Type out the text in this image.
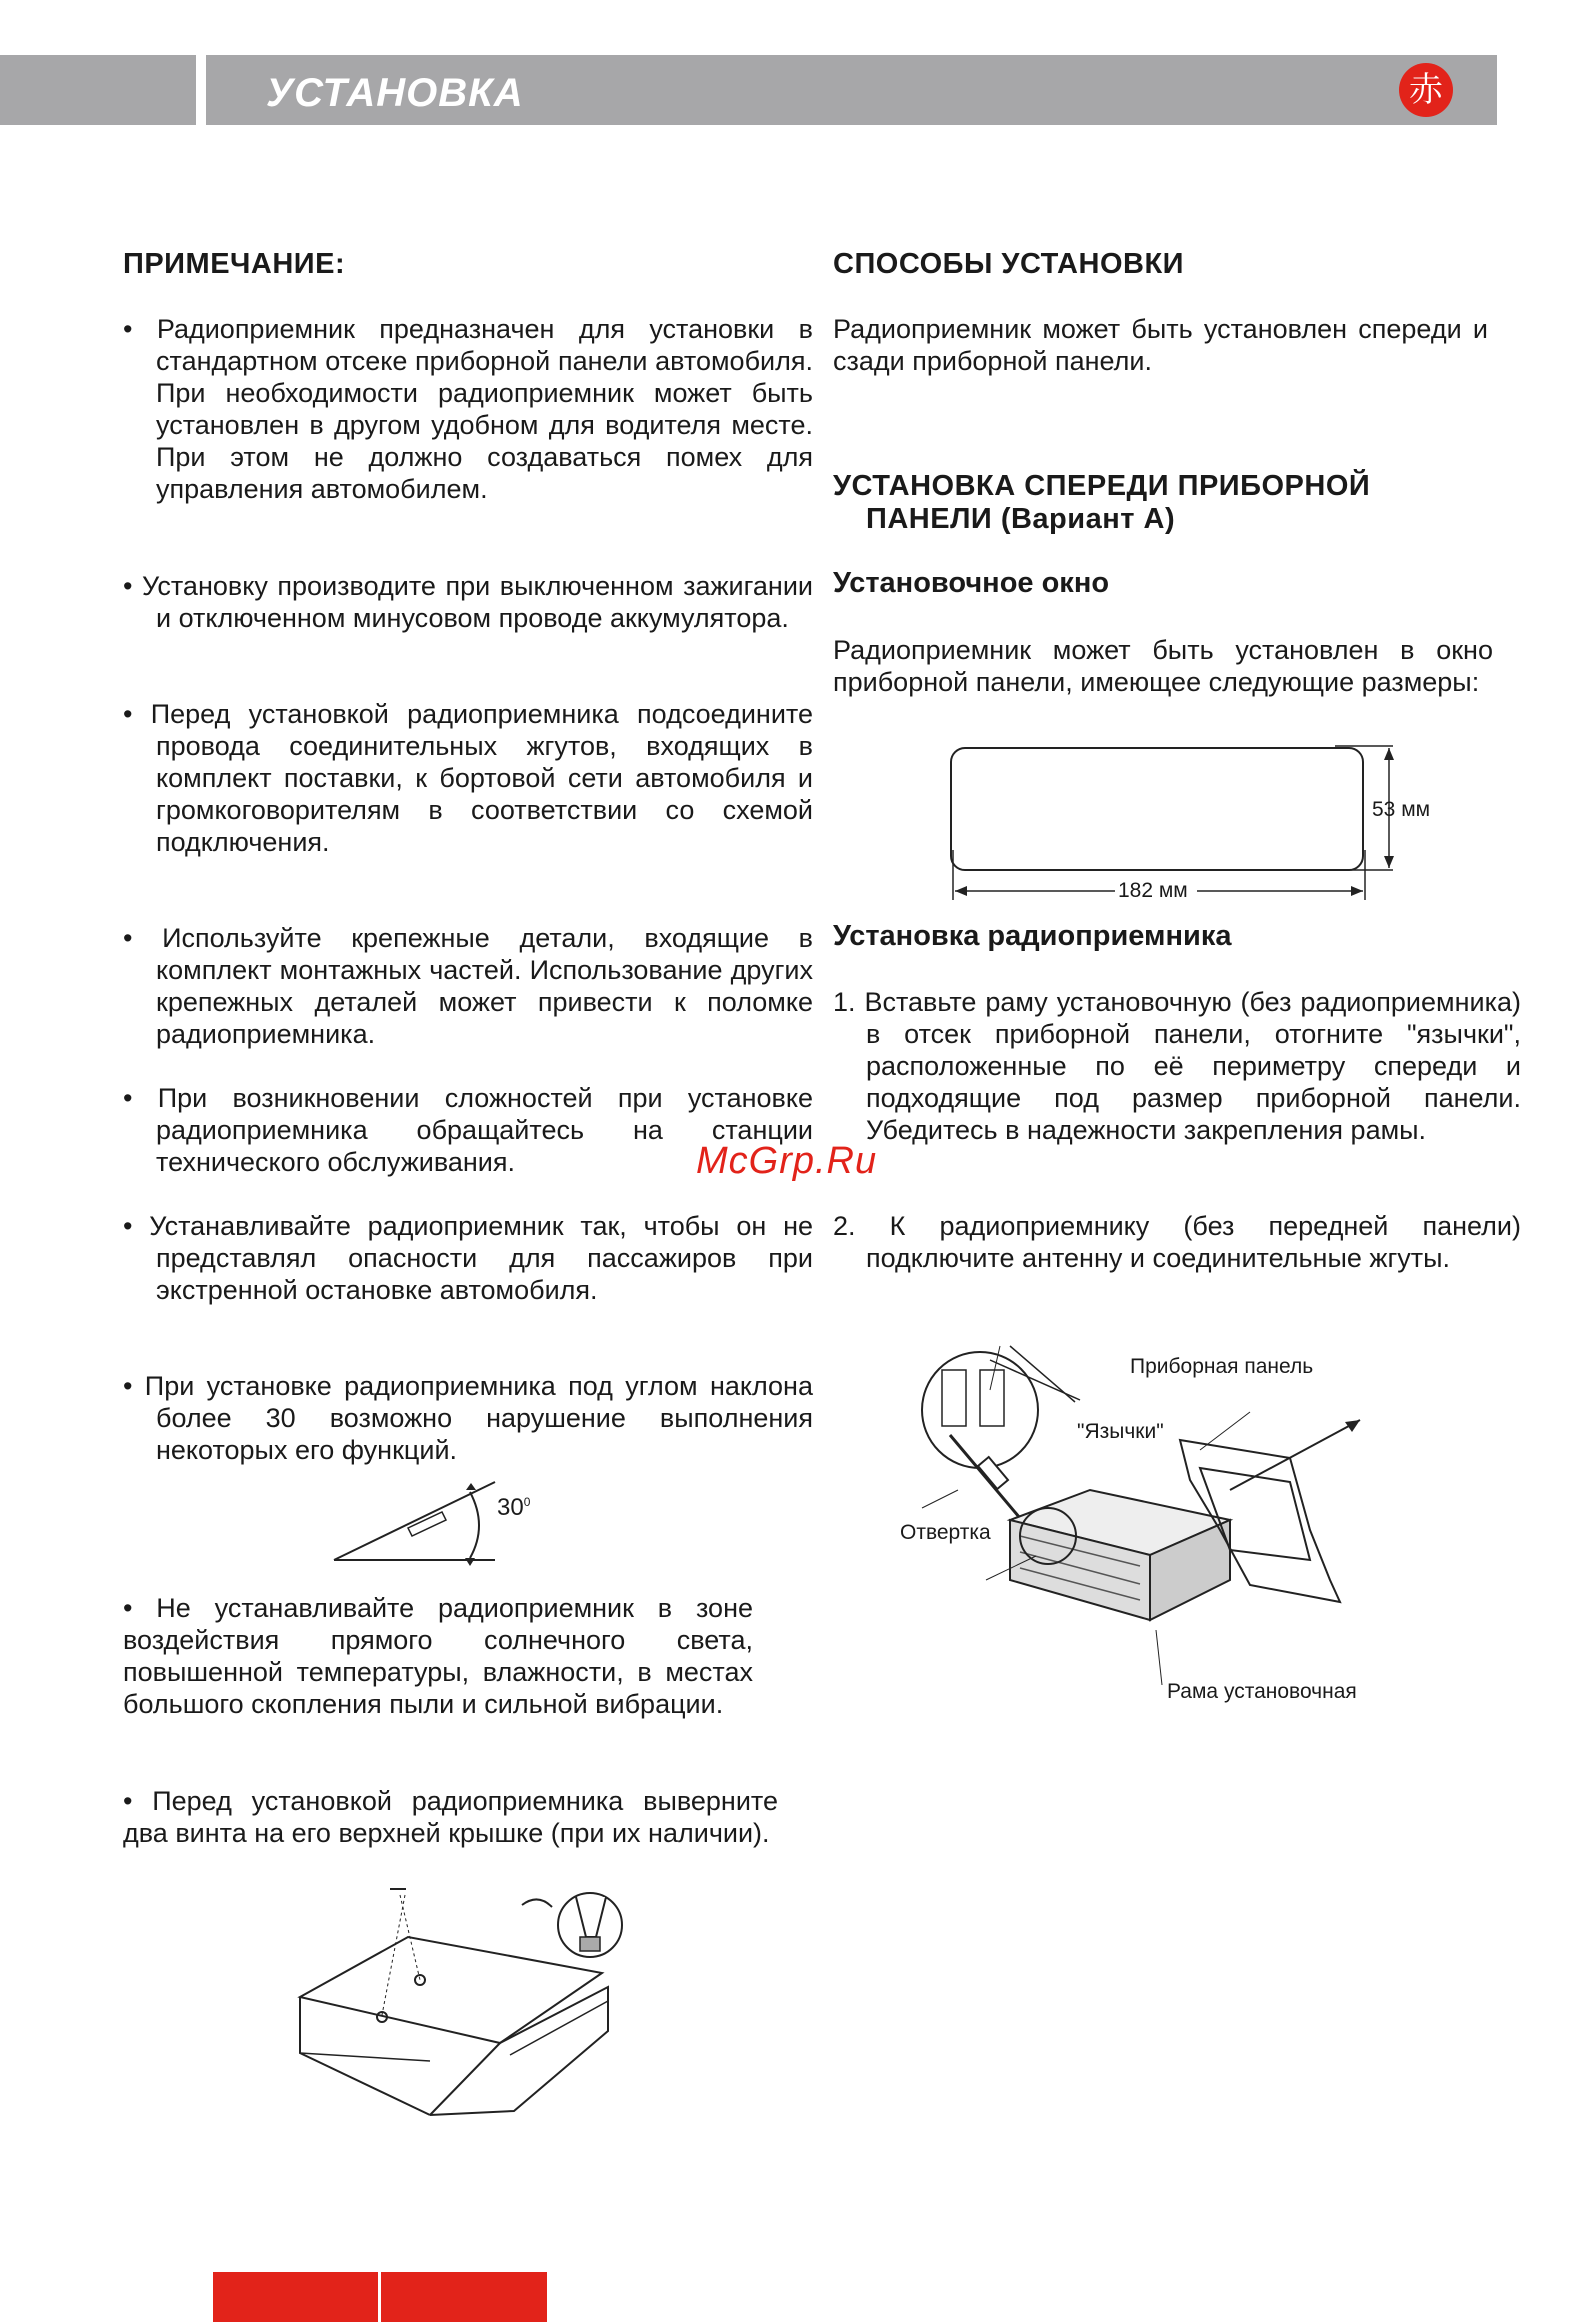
УСТАНОВКА	赤
ПРИМЕЧАНИЕ:
• Радиоприемник предназначен для установки в стандартном отсеке приборной панели автомобиля. При необходимости радиоприемник может быть установлен в другом удобном для водителя месте. При этом не должно создаваться помех для управления автомобилем.
• Установку производите при выключенном зажигании и отключенном минусовом проводе аккумулятора.
• Перед установкой радиоприемника подсоедините провода соединительных жгутов, входящих в комплект поставки, к бортовой сети автомобиля и громкоговорителям в соответствии со схемой подключения.
• Используйте крепежные детали, входящие в комплект монтажных частей. Использование других крепежных деталей может привести к поломке радиоприемника.
• При возникновении сложностей при установке радиоприемника обращайтесь на станции технического обслуживания.
• Устанавливайте радиоприемник так, чтобы он не представлял опасности для пассажиров при экстренной остановке автомобиля.
• При установке радиоприемника под углом наклона более 30 возможно нарушение выполнения некоторых его функций.
$30^0$
• Не устанавливайте радиоприемник в зоне воздействия прямого солнечного света, повышенной температуры, влажности, в местах большого скопления пыли и сильной вибрации.
• Перед установкой радиоприемника выверните два винта на его верхней крышке (при их наличии).
СПОСОБЫ УСТАНОВКИ
Радиоприемник может быть установлен спереди и сзади приборной панели.
УСТАНОВКА СПЕРЕДИ ПРИБОРНОЙ
ПАНЕЛИ (Вариант А)
Установочное окно
Радиоприемник может быть установлен в окно приборной панели, имеющее следующие размеры:
53 мм
182 мм
Установка радиоприемника
1. Вставьте раму установочную (без радиоприемника) в отсек приборной панели, отогните "язычки", расположенные по её периметру спереди и подходящие под размер приборной панели. Убедитесь в надежности закрепления рамы.
2. К радиоприемнику (без передней панели) подключите антенну и соединительные жгуты.
Приборная панель
"Язычки"
Отвертка
Рама установочная
McGrp.Ru
